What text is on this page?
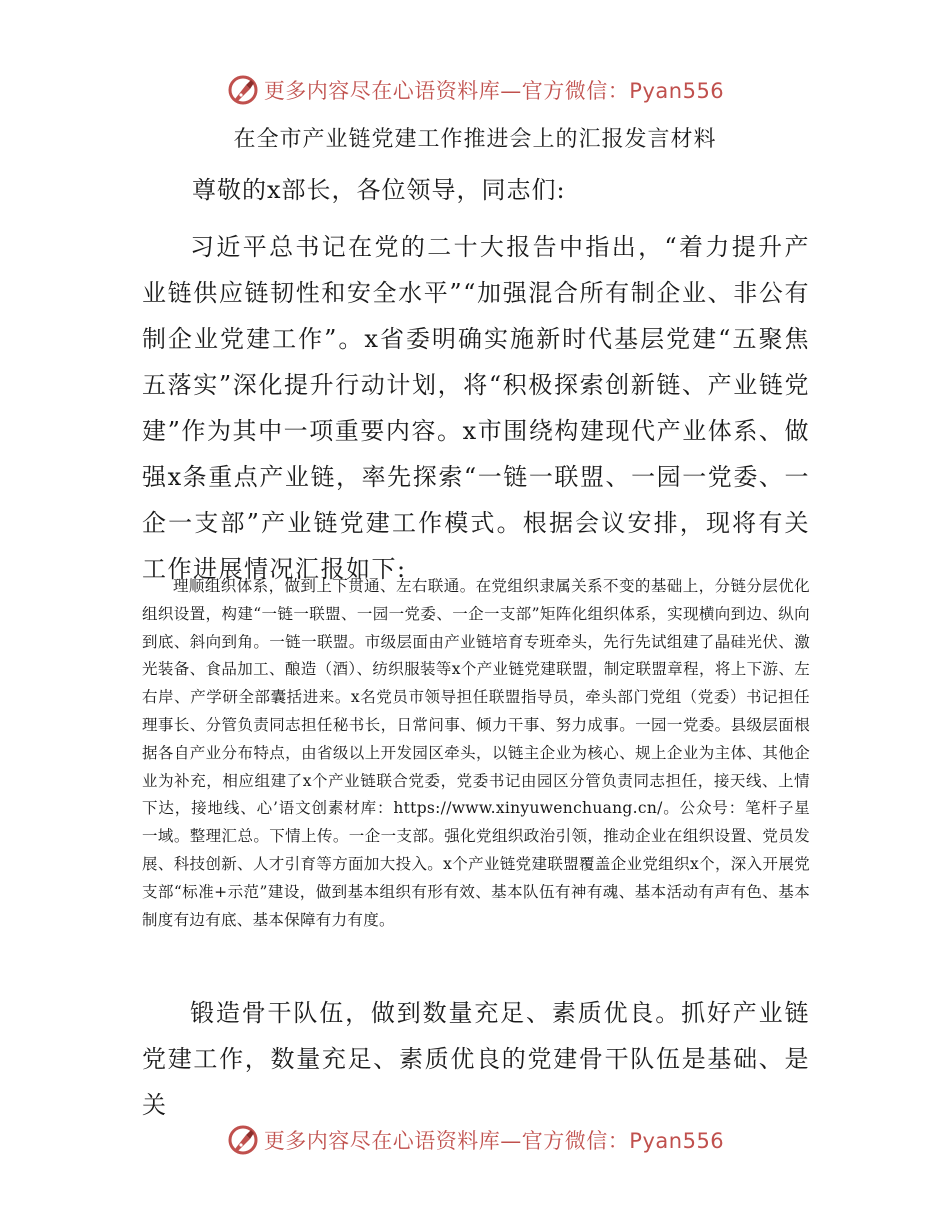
更多内容尽在心语资料库—官方微信：Pyan556
在全市产业链党建工作推进会上的汇报发言材料

尊敬的x部长，各位领导，同志们:

习近平总书记在党的二十大报告中指出，“着力提升产业链供应链韧性和安全水平”“加强混合所有制企业、非公有制企业党建工作”。x省委明确实施新时代基层党建“五聚焦五落实”深化提升行动计划，将“积极探索创新链、产业链党建”作为其中一项重要内容。x市围绕构建现代产业体系、做强x条重点产业链，率先探索“一链一联盟、一园一党委、一企一支部”产业链党建工作模式。根据会议安排，现将有关工作进展情况汇报如下:

理顺组织体系，做到上下贯通、左右联通。在党组织隶属关系不变的基础上，分链分层优化组织设置，构建“一链一联盟、一园一党委、一企一支部”矩阵化组织体系，实现横向到边、纵向到底、斜向到角。一链一联盟。市级层面由产业链培育专班牵头，先行先试组建了晶硅光伏、激光装备、食品加工、酿造（酒）、纺织服装等x个产业链党建联盟，制定联盟章程，将上下游、左右岸、产学研全部囊括进来。x名党员市领导担任联盟指导员，牵头部门党组（党委）书记担任理事长、分管负责同志担任秘书长，日常问事、倾力干事、努力成事。一园一党委。县级层面根据各自产业分布特点，由省级以上开发园区牵头，以链主企业为核心、规上企业为主体、其他企业为补充，相应组建了x个产业链联合党委，党委书记由园区分管负责同志担任，接天线、上情下达，接地线、心’语文创素材库：https://www.xinyuwenchuang.cn/。公众号：笔杆子星一域。整理汇总。下情上传。一企一支部。强化党组织政治引领，推动企业在组织设置、党员发展、科技创新、人才引育等方面加大投入。x个产业链党建联盟覆盖企业党组织x个，深入开展党支部“标准+示范”建设，做到基本组织有形有效、基本队伍有神有魂、基本活动有声有色、基本制度有边有底、基本保障有力有度。

锻造骨干队伍，做到数量充足、素质优良。抓好产业链党建工作，数量充足、素质优良的党建骨干队伍是基础、是关

更多内容尽在心语资料库—官方微信：Pyan556
